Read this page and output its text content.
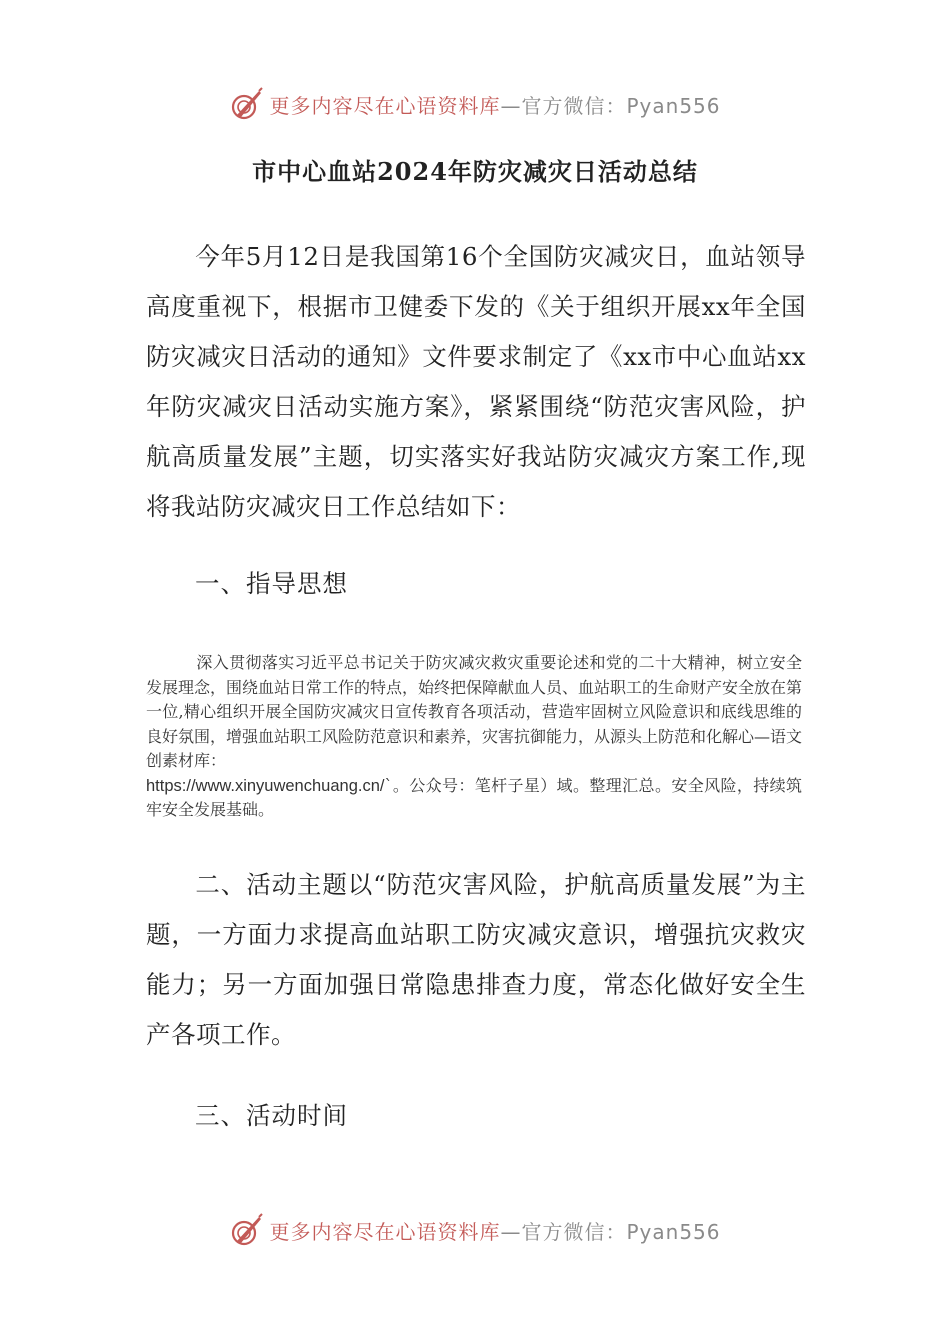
更多内容尽在心语资料库—官方微信：Pyan556
市中心血站2024年防灾减灾日活动总结
今年5月12日是我国第16个全国防灾减灾日，血站领导高度重视下，根据市卫健委下发的《关于组织开展xx年全国防灾减灾日活动的通知》文件要求制定了《xx市中心血站xx年防灾减灾日活动实施方案》，紧紧围绕“防范灾害风险，护航高质量发展”主题，切实落实好我站防灾减灾方案工作,现将我站防灾减灾日工作总结如下：
一、指导思想
深入贯彻落实习近平总书记关于防灾减灾救灾重要论述和党的二十大精神，树立安全发展理念，围绕血站日常工作的特点，始终把保障献血人员、血站职工的生命财产安全放在第一位,精心组织开展全国防灾减灾日宣传教育各项活动，营造牢固树立风险意识和底线思维的良好氛围，增强血站职工风险防范意识和素养，灾害抗御能力，从源头上防范和化解心—语文创素材库：
https://www.xinyuwenchuang.cn/`。公众号：笔杆子星）域。整理汇总。安全风险，持续筑牢安全发展基础。
二、活动主题以“防范灾害风险，护航高质量发展”为主题，一方面力求提高血站职工防灾减灾意识，增强抗灾救灾能力；另一方面加强日常隐患排查力度，常态化做好安全生产各项工作。
三、活动时间
更多内容尽在心语资料库—官方微信：Pyan556
